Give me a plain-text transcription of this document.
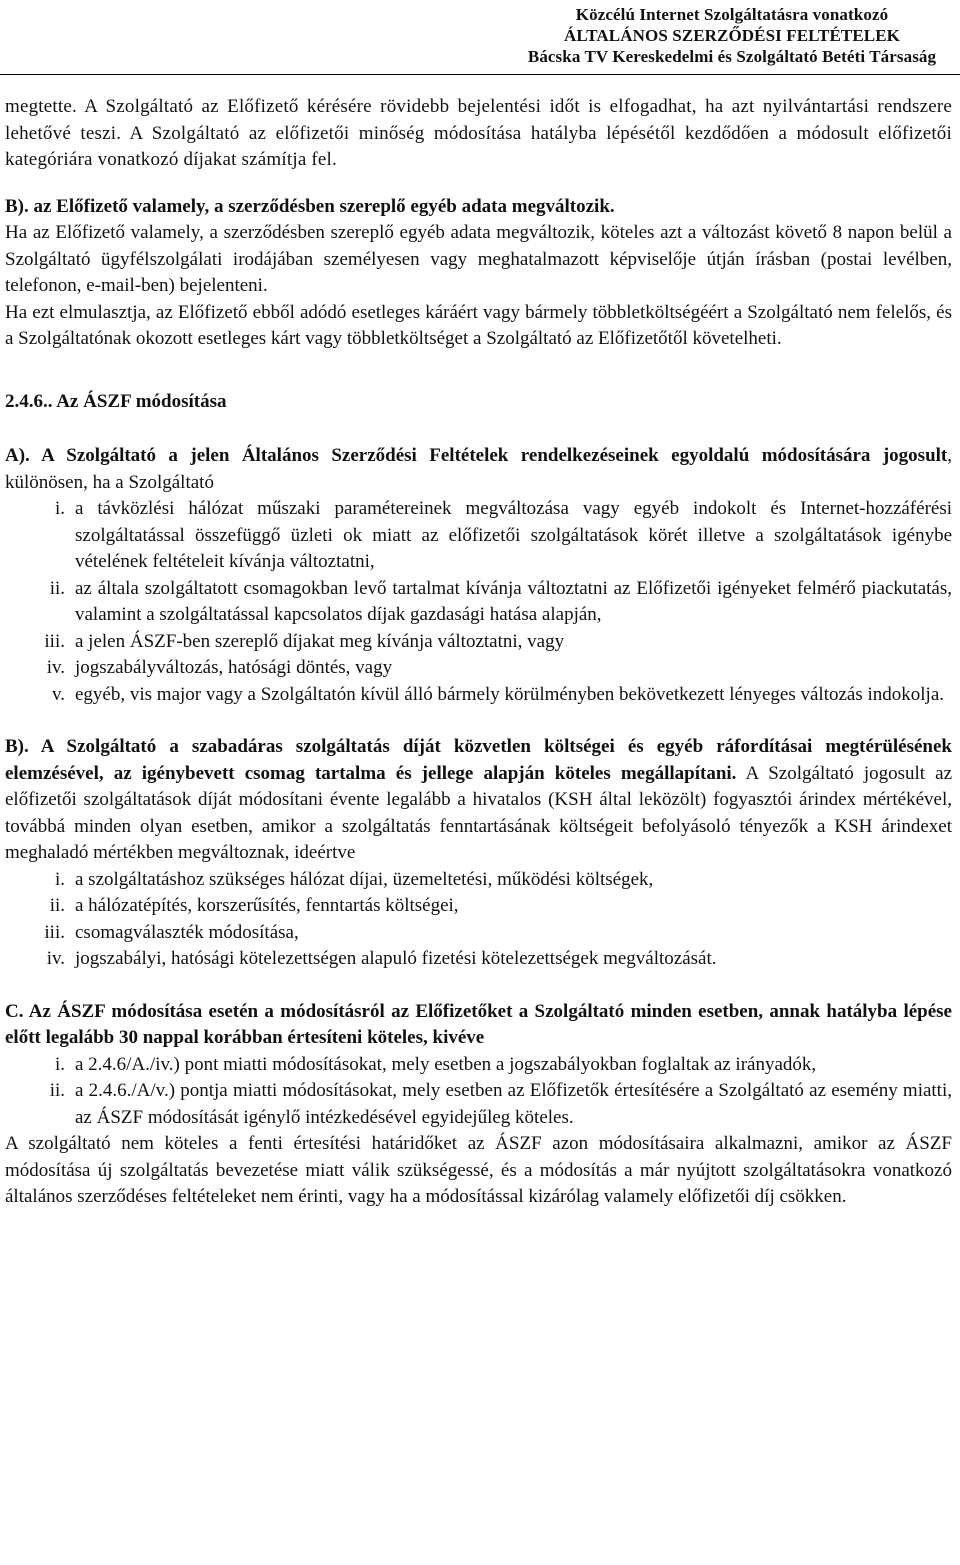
Közcélú Internet Szolgáltatásra vonatkozó
ÁLTALÁNOS SZERZŐDÉSI FELTÉTELEK
Bácska TV Kereskedelmi és Szolgáltató Betéti Társaság

megtette. A Szolgáltató az Előfizető kérésére rövidebb bejelentési időt is elfogadhat, ha azt nyilvántartási rendszere lehetővé teszi. A Szolgáltató az előfizetői minőség módosítása hatályba lépésétől kezdődően a módosult előfizetői kategóriára vonatkozó díjakat számítja fel.

B). az Előfizető valamely, a szerződésben szereplő egyéb adata megváltozik.

Ha az Előfizető valamely, a szerződésben szereplő egyéb adata megváltozik, köteles azt a változást követő 8 napon belül a Szolgáltató ügyfélszolgálati irodájában személyesen vagy meghatalmazott képviselője útján írásban (postai levélben, telefonon, e-mail-ben) bejelenteni.

Ha ezt elmulasztja, az Előfizető ebből adódó esetleges káráért vagy bármely többletköltségéért a Szolgáltató nem felelős, és a Szolgáltatónak okozott esetleges kárt vagy többletköltséget a Szolgáltató az Előfizetőtől követelheti.

2.4.6.. Az ÁSZF módosítása

A). A Szolgáltató a jelen Általános Szerződési Feltételek rendelkezéseinek egyoldalú módosítására jogosult, különösen, ha a Szolgáltató

i. a távközlési hálózat műszaki paramétereinek megváltozása vagy egyéb indokolt és Internet-hozzáférési szolgáltatással összefüggő üzleti ok miatt az előfizetői szolgáltatások körét illetve a szolgáltatások igénybe vételének feltételeit kívánja változtatni,
ii. az általa szolgáltatott csomagokban levő tartalmat kívánja változtatni az Előfizetői igényeket felmérő piackutatás, valamint a szolgáltatással kapcsolatos díjak gazdasági hatása alapján,
iii. a jelen ÁSZF-ben szereplő díjakat meg kívánja változtatni, vagy
iv. jogszabályváltozás, hatósági döntés, vagy
v. egyéb, vis major vagy a Szolgáltatón kívül álló bármely körülményben bekövetkezett lényeges változás indokolja.

B). A Szolgáltató a szabadáras szolgáltatás díját közvetlen költségei és egyéb ráfordításai megtérülésének elemzésével, az igénybevett csomag tartalma és jellege alapján köteles megállapítani. A Szolgáltató jogosult az előfizetői szolgáltatások díját módosítani évente legalább a hivatalos (KSH által leközölt) fogyasztói árindex mértékével, továbbá minden olyan esetben, amikor a szolgáltatás fenntartásának költségeit befolyásoló tényezők a KSH árindexet meghaladó mértékben megváltoznak, ideértve

i. a szolgáltatáshoz szükséges hálózat díjai, üzemeltetési, működési költségek,
ii. a hálózatépítés, korszerűsítés, fenntartás költségei,
iii. csomagválaszték módosítása,
iv. jogszabályi, hatósági kötelezettségen alapuló fizetési kötelezettségek megváltozását.

C. Az ÁSZF módosítása esetén a módosításról az Előfizetőket a Szolgáltató minden esetben, annak hatályba lépése előtt legalább 30 nappal korábban értesíteni köteles, kivéve

i. a 2.4.6/A./iv.) pont miatti módosításokat, mely esetben a jogszabályokban foglaltak az irányadók,
ii. a 2.4.6./A/v.) pontja miatti módosításokat, mely esetben az Előfizetők értesítésére a Szolgáltató az esemény miatti, az ÁSZF módosítását igénylő intézkedésével egyidejűleg köteles.

A szolgáltató nem köteles a fenti értesítési határidőket az ÁSZF azon módosításaira alkalmazni, amikor az ÁSZF módosítása új szolgáltatás bevezetése miatt válik szükségessé, és a módosítás a már nyújtott szolgáltatásokra vonatkozó általános szerződéses feltételeket nem érinti, vagy ha a módosítással kizárólag valamely előfizetői díj csökken.
